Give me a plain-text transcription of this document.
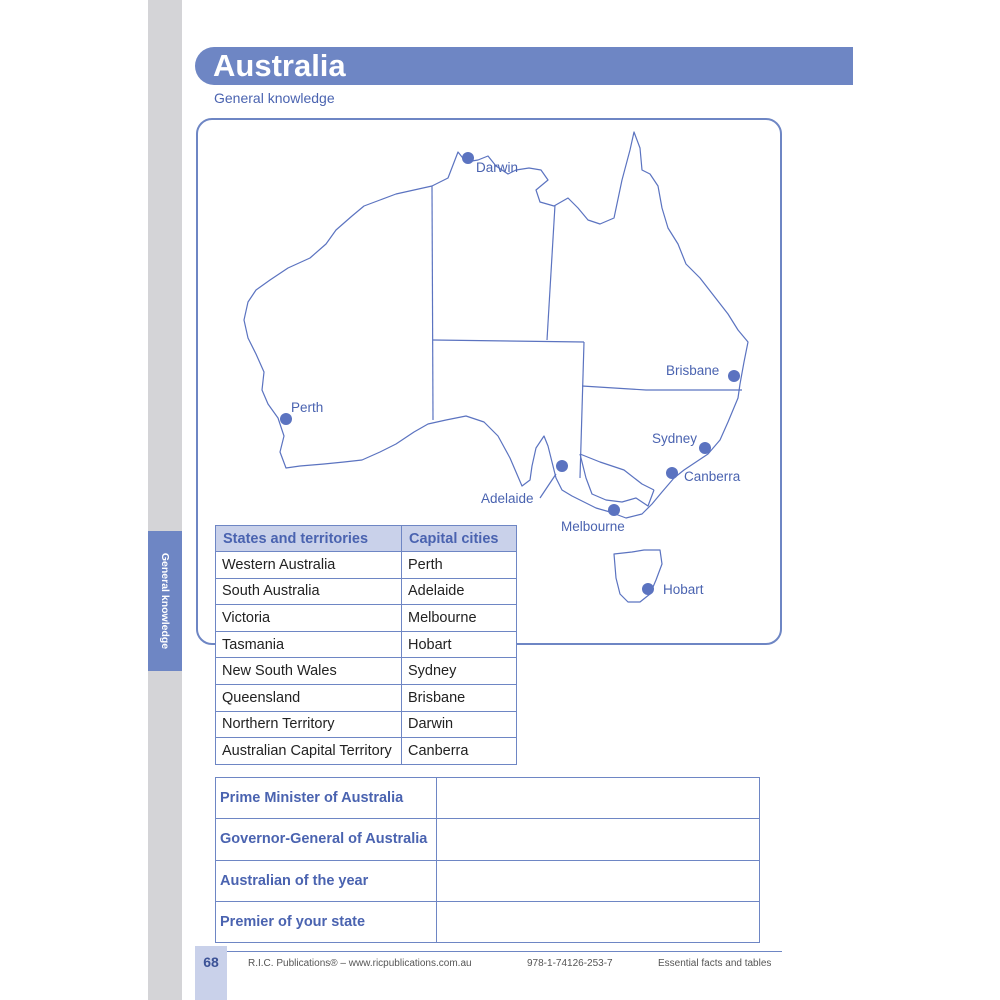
General knowledge
Australia
General knowledge
Darwin
Brisbane
Perth
Sydney
Canberra
Adelaide
Melbourne
Hobart
States and territories	Capital cities
Western Australia	Perth
South Australia	Adelaide
Victoria	Melbourne
Tasmania	Hobart
New South Wales	Sydney
Queensland	Brisbane
Northern Territory	Darwin
Australian Capital Territory	Canberra
Prime Minister of Australia	
Governor-General of Australia	
Australian of the year	
Premier of your state	
68	R.I.C. Publications® – www.ricpublications.com.au	978-1-74126-253-7	Essential facts and tables
